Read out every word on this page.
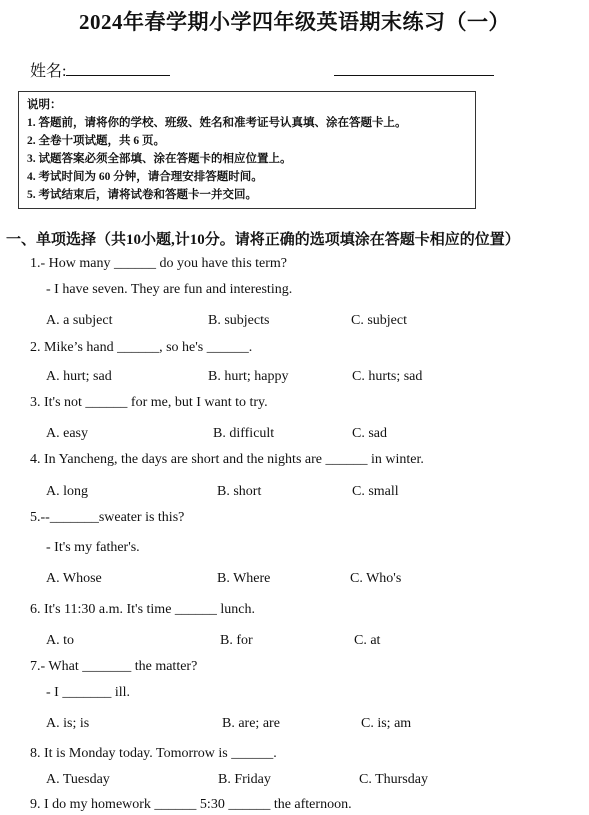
2024年春学期小学四年级英语期末练习（一）
姓名:
说明：
1. 答题前，请将你的学校、班级、姓名和准考证号认真填、涂在答题卡上。
2. 全卷十项试题，共 6 页。
3. 试题答案必须全部填、涂在答题卡的相应位置上。
4. 考试时间为 60 分钟，请合理安排答题时间。
5. 考试结束后，请将试卷和答题卡一并交回。
一、单项选择（共10小题,计10分。请将正确的选项填涂在答题卡相应的位置）
1.- How many ______ do you have this term?
- I have seven. They are fun and interesting.
A. a subject	B. subjects	C. subject
2. Mike’s hand ______, so he's ______.
A. hurt; sad	B. hurt; happy	C. hurts; sad
3. It's not ______ for me, but I want to try.
A. easy	B. difficult	C. sad
4. In Yancheng, the days are short and the nights are ______ in winter.
A. long	B. short	C. small
5.--_______sweater is this?
- It's my father's.
A. Whose	B. Where	C. Who's
6. It's 11:30 a.m. It's time ______ lunch.
A. to	B. for	C. at
7.- What _______ the matter?
- I _______ ill.
A. is; is	B. are; are	C. is; am
8. It is Monday today. Tomorrow is ______.
A. Tuesday	B. Friday	C. Thursday
9. I do my homework ______ 5:30 ______ the afternoon.
